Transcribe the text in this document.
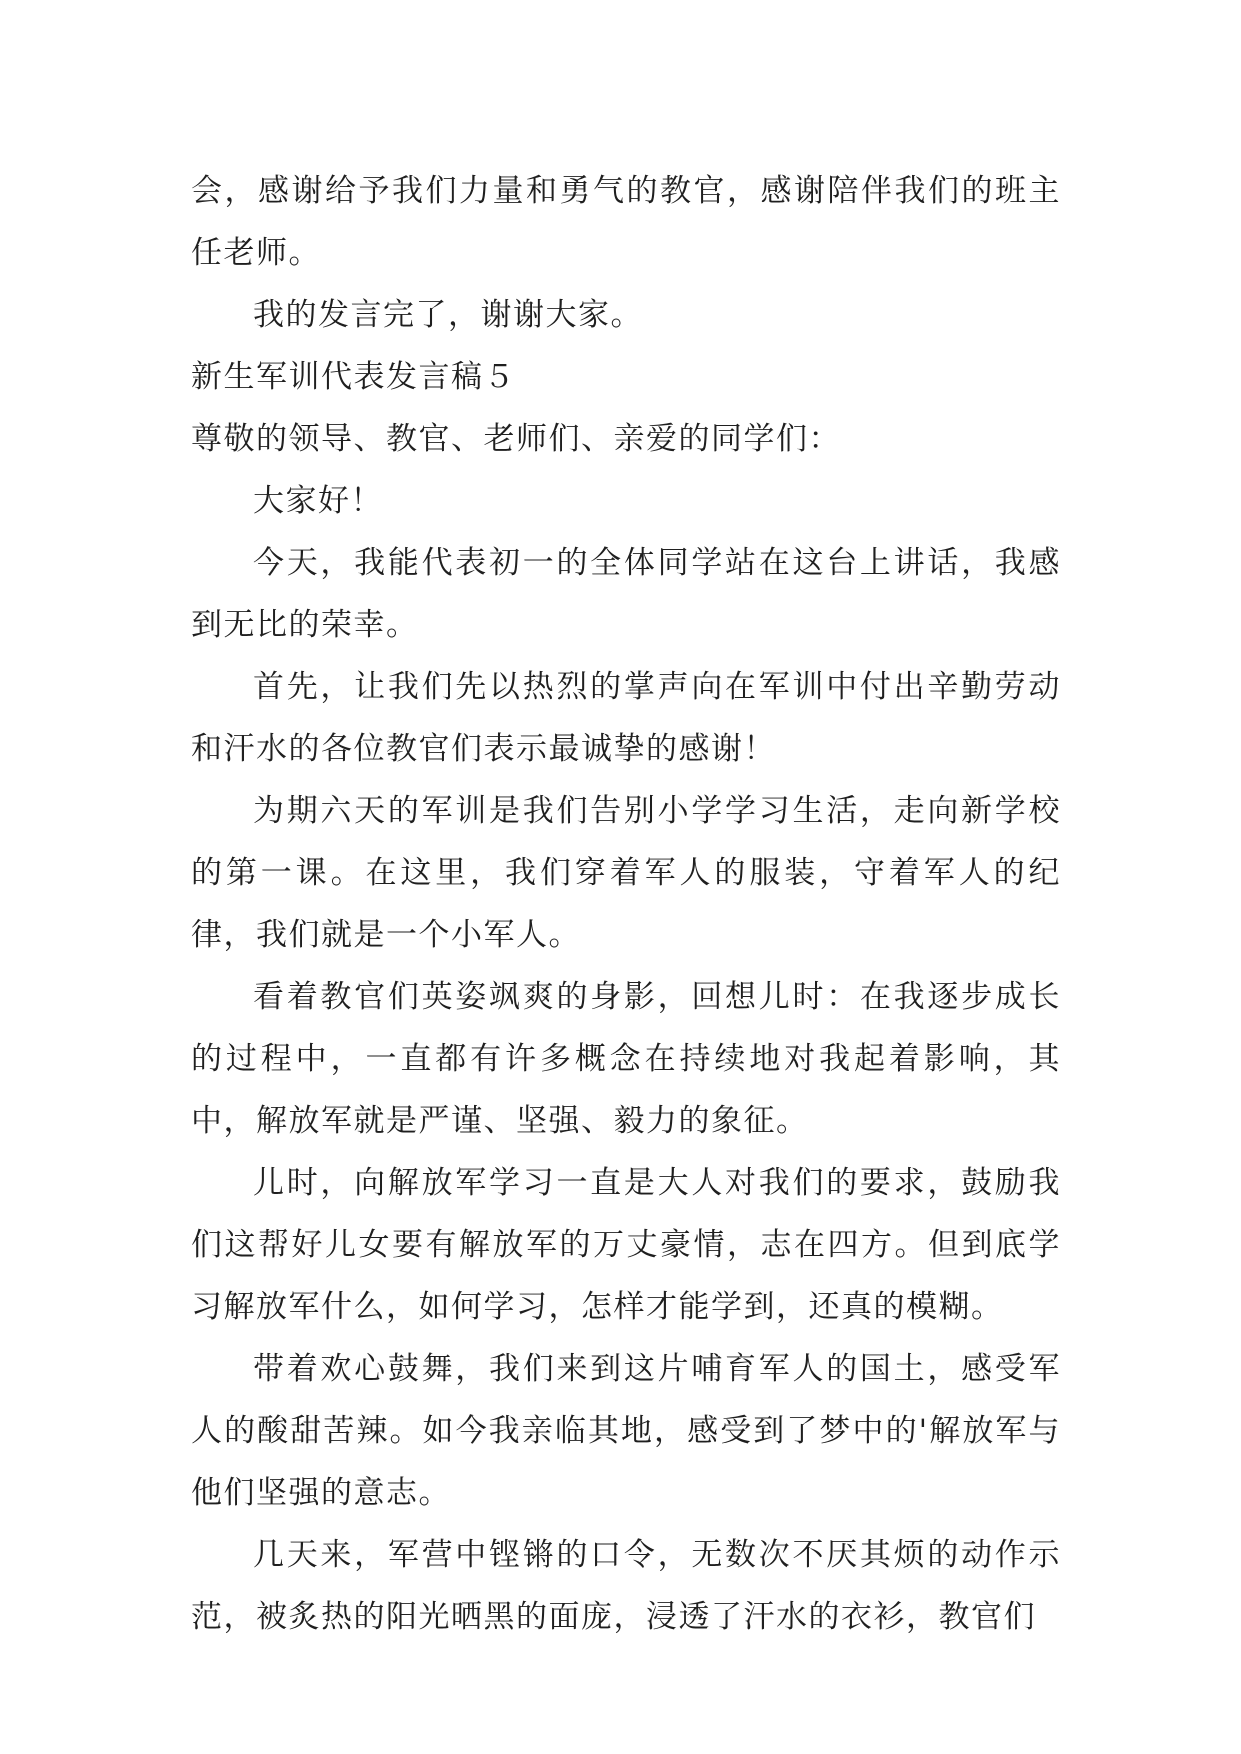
会，感谢给予我们力量和勇气的教官，感谢陪伴我们的班主任老师。

我的发言完了，谢谢大家。

新生军训代表发言稿５

尊敬的领导、教官、老师们、亲爱的同学们：

大家好！

今天，我能代表初一的全体同学站在这台上讲话，我感到无比的荣幸。

首先，让我们先以热烈的掌声向在军训中付出辛勤劳动和汗水的各位教官们表示最诚挚的感谢！

为期六天的军训是我们告别小学学习生活，走向新学校的第一课。在这里，我们穿着军人的服装，守着军人的纪律，我们就是一个小军人。

看着教官们英姿飒爽的身影，回想儿时：在我逐步成长的过程中，一直都有许多概念在持续地对我起着影响，其中，解放军就是严谨、坚强、毅力的象征。

儿时，向解放军学习一直是大人对我们的要求，鼓励我们这帮好儿女要有解放军的万丈豪情，志在四方。但到底学习解放军什么，如何学习，怎样才能学到，还真的模糊。

带着欢心鼓舞，我们来到这片哺育军人的国土，感受军人的酸甜苦辣。如今我亲临其地，感受到了梦中的'解放军与他们坚强的意志。

几天来，军营中铿锵的口令，无数次不厌其烦的动作示范，被炙热的阳光晒黑的面庞，浸透了汗水的衣衫，教官们
